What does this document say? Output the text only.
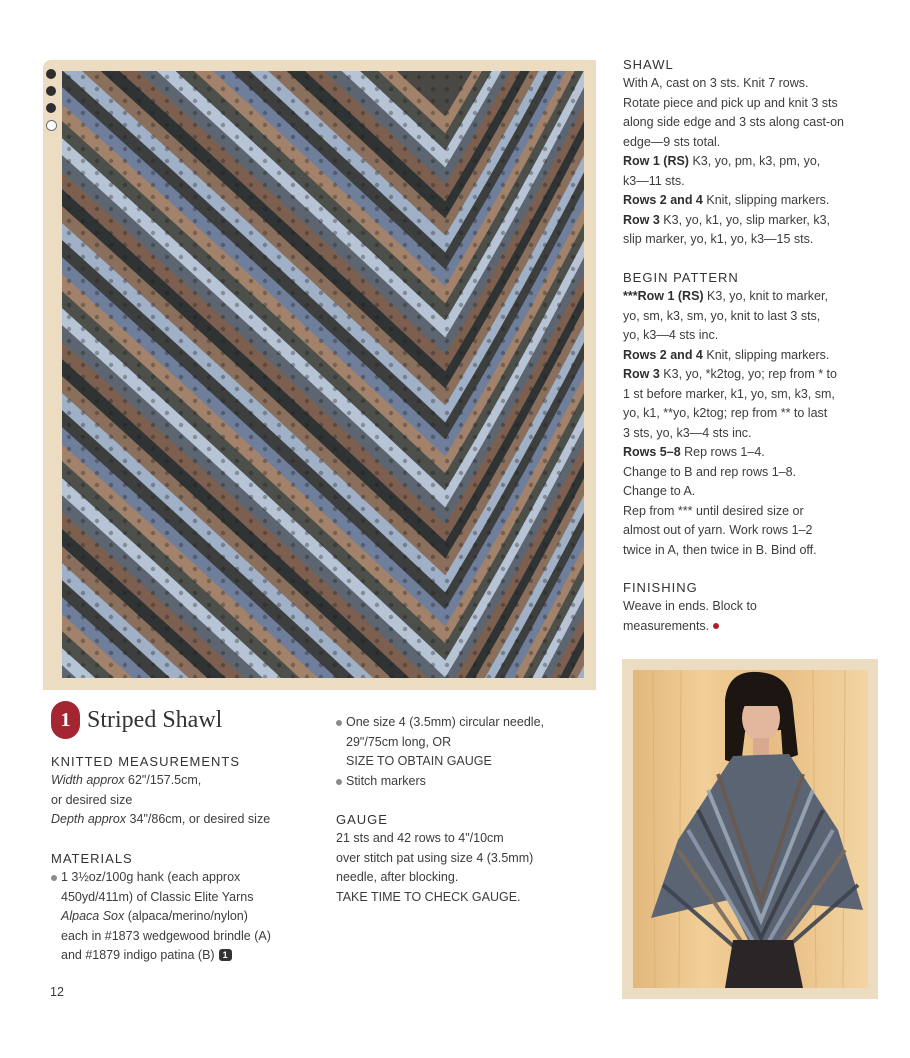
1 Striped Shawl
KNITTED MEASUREMENTS

Width approx 62"/157.5cm,

or desired size

Depth approx 34"/86cm, or desired size

MATERIALS

1 3½oz/100g hank (each approx

450yd/411m) of Classic Elite Yarns

Alpaca Sox (alpaca/merino/nylon)

each in #1873 wedgewood brindle (A)

and #1879 indigo patina (B) 1

12

One size 4 (3.5mm) circular needle,

29"/75cm long, OR

SIZE TO OBTAIN GAUGE

Stitch markers

GAUGE

21 sts and 42 rows to 4"/10cm

over stitch pat using size 4 (3.5mm)

needle, after blocking.

TAKE TIME TO CHECK GAUGE.

SHAWL

With A, cast on 3 sts. Knit 7 rows.

Rotate piece and pick up and knit 3 sts

along side edge and 3 sts along cast-on

edge—9 sts total.

Row 1 (RS) K3, yo, pm, k3, pm, yo,

k3—11 sts.

Rows 2 and 4 Knit, slipping markers.

Row 3 K3, yo, k1, yo, slip marker, k3,

slip marker, yo, k1, yo, k3—15 sts.

BEGIN PATTERN

***Row 1 (RS) K3, yo, knit to marker,

yo, sm, k3, sm, yo, knit to last 3 sts,

yo, k3—4 sts inc.

Rows 2 and 4 Knit, slipping markers.

Row 3 K3, yo, *k2tog, yo; rep from * to

1 st before marker, k1, yo, sm, k3, sm,

yo, k1, **yo, k2tog; rep from ** to last

3 sts, yo, k3—4 sts inc.

Rows 5–8 Rep rows 1–4.

Change to B and rep rows 1–8.

Change to A.

Rep from *** until desired size or

almost out of yarn. Work rows 1–2

twice in A, then twice in B. Bind off.

FINISHING

Weave in ends. Block to

measurements.
